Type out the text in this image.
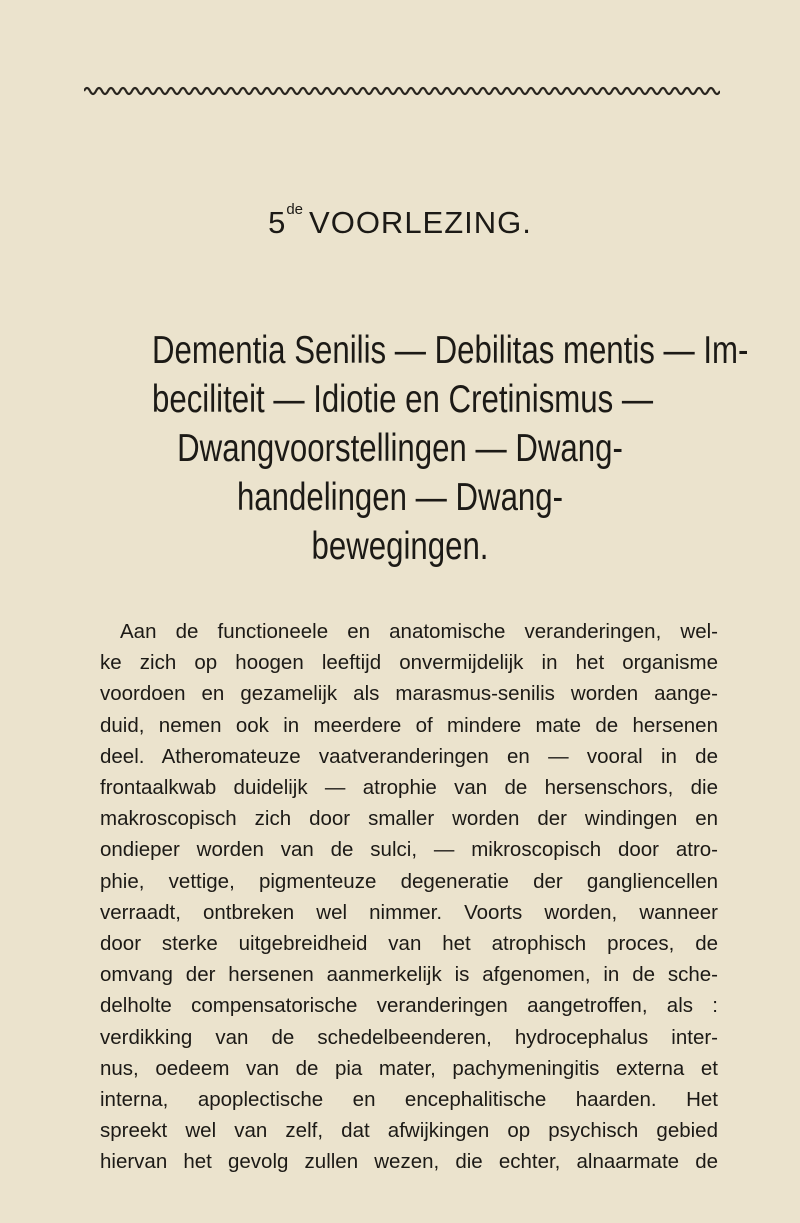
5de VOORLEZING.
Dementia Senilis — Debilitas mentis — Im-
beciliteit — Idiotie en Cretinismus —
Dwangvoorstellingen — Dwang-
handelingen — Dwang-
bewegingen.
Aan de functioneele en anatomische veranderingen, wel-
ke zich op hoogen leeftijd onvermijdelijk in het organisme
voordoen en gezamelijk als marasmus-senilis worden aange-
duid, nemen ook in meerdere of mindere mate de hersenen
deel. Atheromateuze vaatveranderingen en — vooral in de
frontaalkwab duidelijk — atrophie van de hersenschors, die
makroscopisch zich door smaller worden der windingen en
ondieper worden van de sulci, — mikroscopisch door atro-
phie, vettige, pigmenteuze degeneratie der gangliencellen
verraadt, ontbreken wel nimmer. Voorts worden, wanneer
door sterke uitgebreidheid van het atrophisch proces, de
omvang der hersenen aanmerkelijk is afgenomen, in de sche-
delholte compensatorische veranderingen aangetroffen, als :
verdikking van de schedelbeenderen, hydrocephalus inter-
nus, oedeem van de pia mater, pachymeningitis externa et
interna, apoplectische en encephalitische haarden. Het
spreekt wel van zelf, dat afwijkingen op psychisch gebied
hiervan het gevolg zullen wezen, die echter, alnaarmate de
